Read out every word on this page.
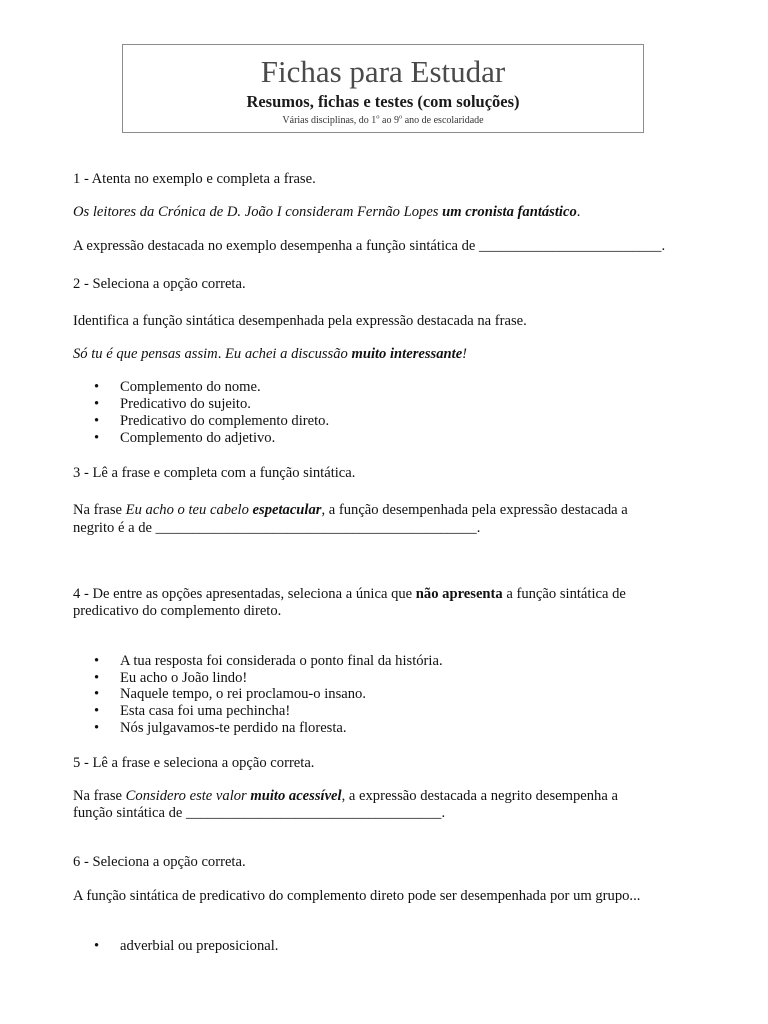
Fichas para Estudar
Resumos, fichas e testes (com soluções)
Várias disciplinas, do 1$^o$ ao 9$^o$ ano de escolaridade
1 - Atenta no exemplo e completa a frase.
Os leitores da Crónica de D. João I consideram Fernão Lopes um cronista fantástico.
A expressão destacada no exemplo desempenha a função sintática de _________________________.
2 - Seleciona a opção correta.
Identifica a função sintática desempenhada pela expressão destacada na frase.
Só tu é que pensas assim. Eu achei a discussão muito interessante!
• Complemento do nome.
• Predicativo do sujeito.
• Predicativo do complemento direto.
• Complemento do adjetivo.
3 - Lê a frase e completa com a função sintática.
Na frase Eu acho o teu cabelo espetacular, a função desempenhada pela expressão destacada a
negrito é a de ____________________________________________.
4 - De entre as opções apresentadas, seleciona a única que não apresenta a função sintática de
predicativo do complemento direto.
• A tua resposta foi considerada o ponto final da história.
• Eu acho o João lindo!
• Naquele tempo, o rei proclamou-o insano.
• Esta casa foi uma pechincha!
• Nós julgavamos-te perdido na floresta.
5 - Lê a frase e seleciona a opção correta.
Na frase Considero este valor muito acessível, a expressão destacada a negrito desempenha a
função sintática de ___________________________________.
6 - Seleciona a opção correta.
A função sintática de predicativo do complemento direto pode ser desempenhada por um grupo...
• adverbial ou preposicional.
